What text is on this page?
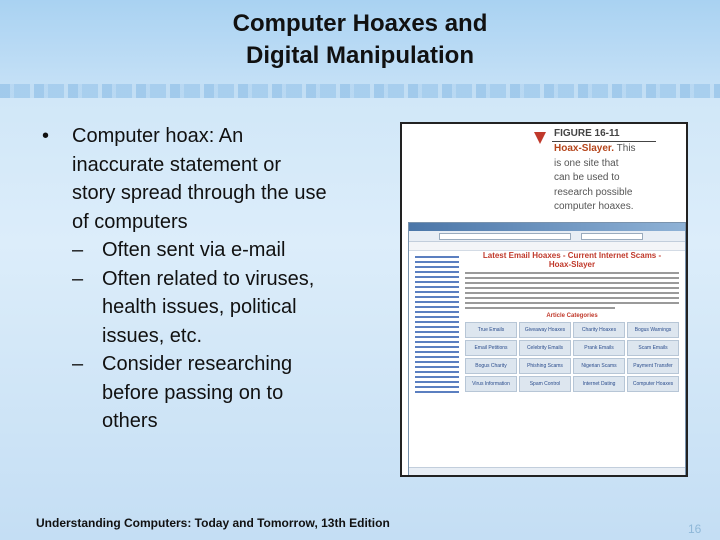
Computer Hoaxes and
Digital Manipulation
• Computer hoax: An
inaccurate statement or
story spread through the use
of computers
– Often sent via e-mail
– Often related to viruses,
health issues, political
issues, etc.
– Consider researching
before passing on to
others
FIGURE 16-11
Hoax-Slayer. This
is one site that
can be used to
research possible
computer hoaxes.
Latest Email Hoaxes - Current Internet Scams -
Hoax-Slayer
Article Categories
True Emails	Giveaway Hoaxes	Charity Hoaxes	Bogus Warnings
Email Petitions	Celebrity Emails	Prank Emails	Scam Emails
Bogus Charity	Phishing Scams	Nigerian Scams	Payment Transfer
Virus Information	Spam Control	Internet Dating	Computer Hoaxes
Understanding Computers: Today and Tomorrow, 13th Edition	16
